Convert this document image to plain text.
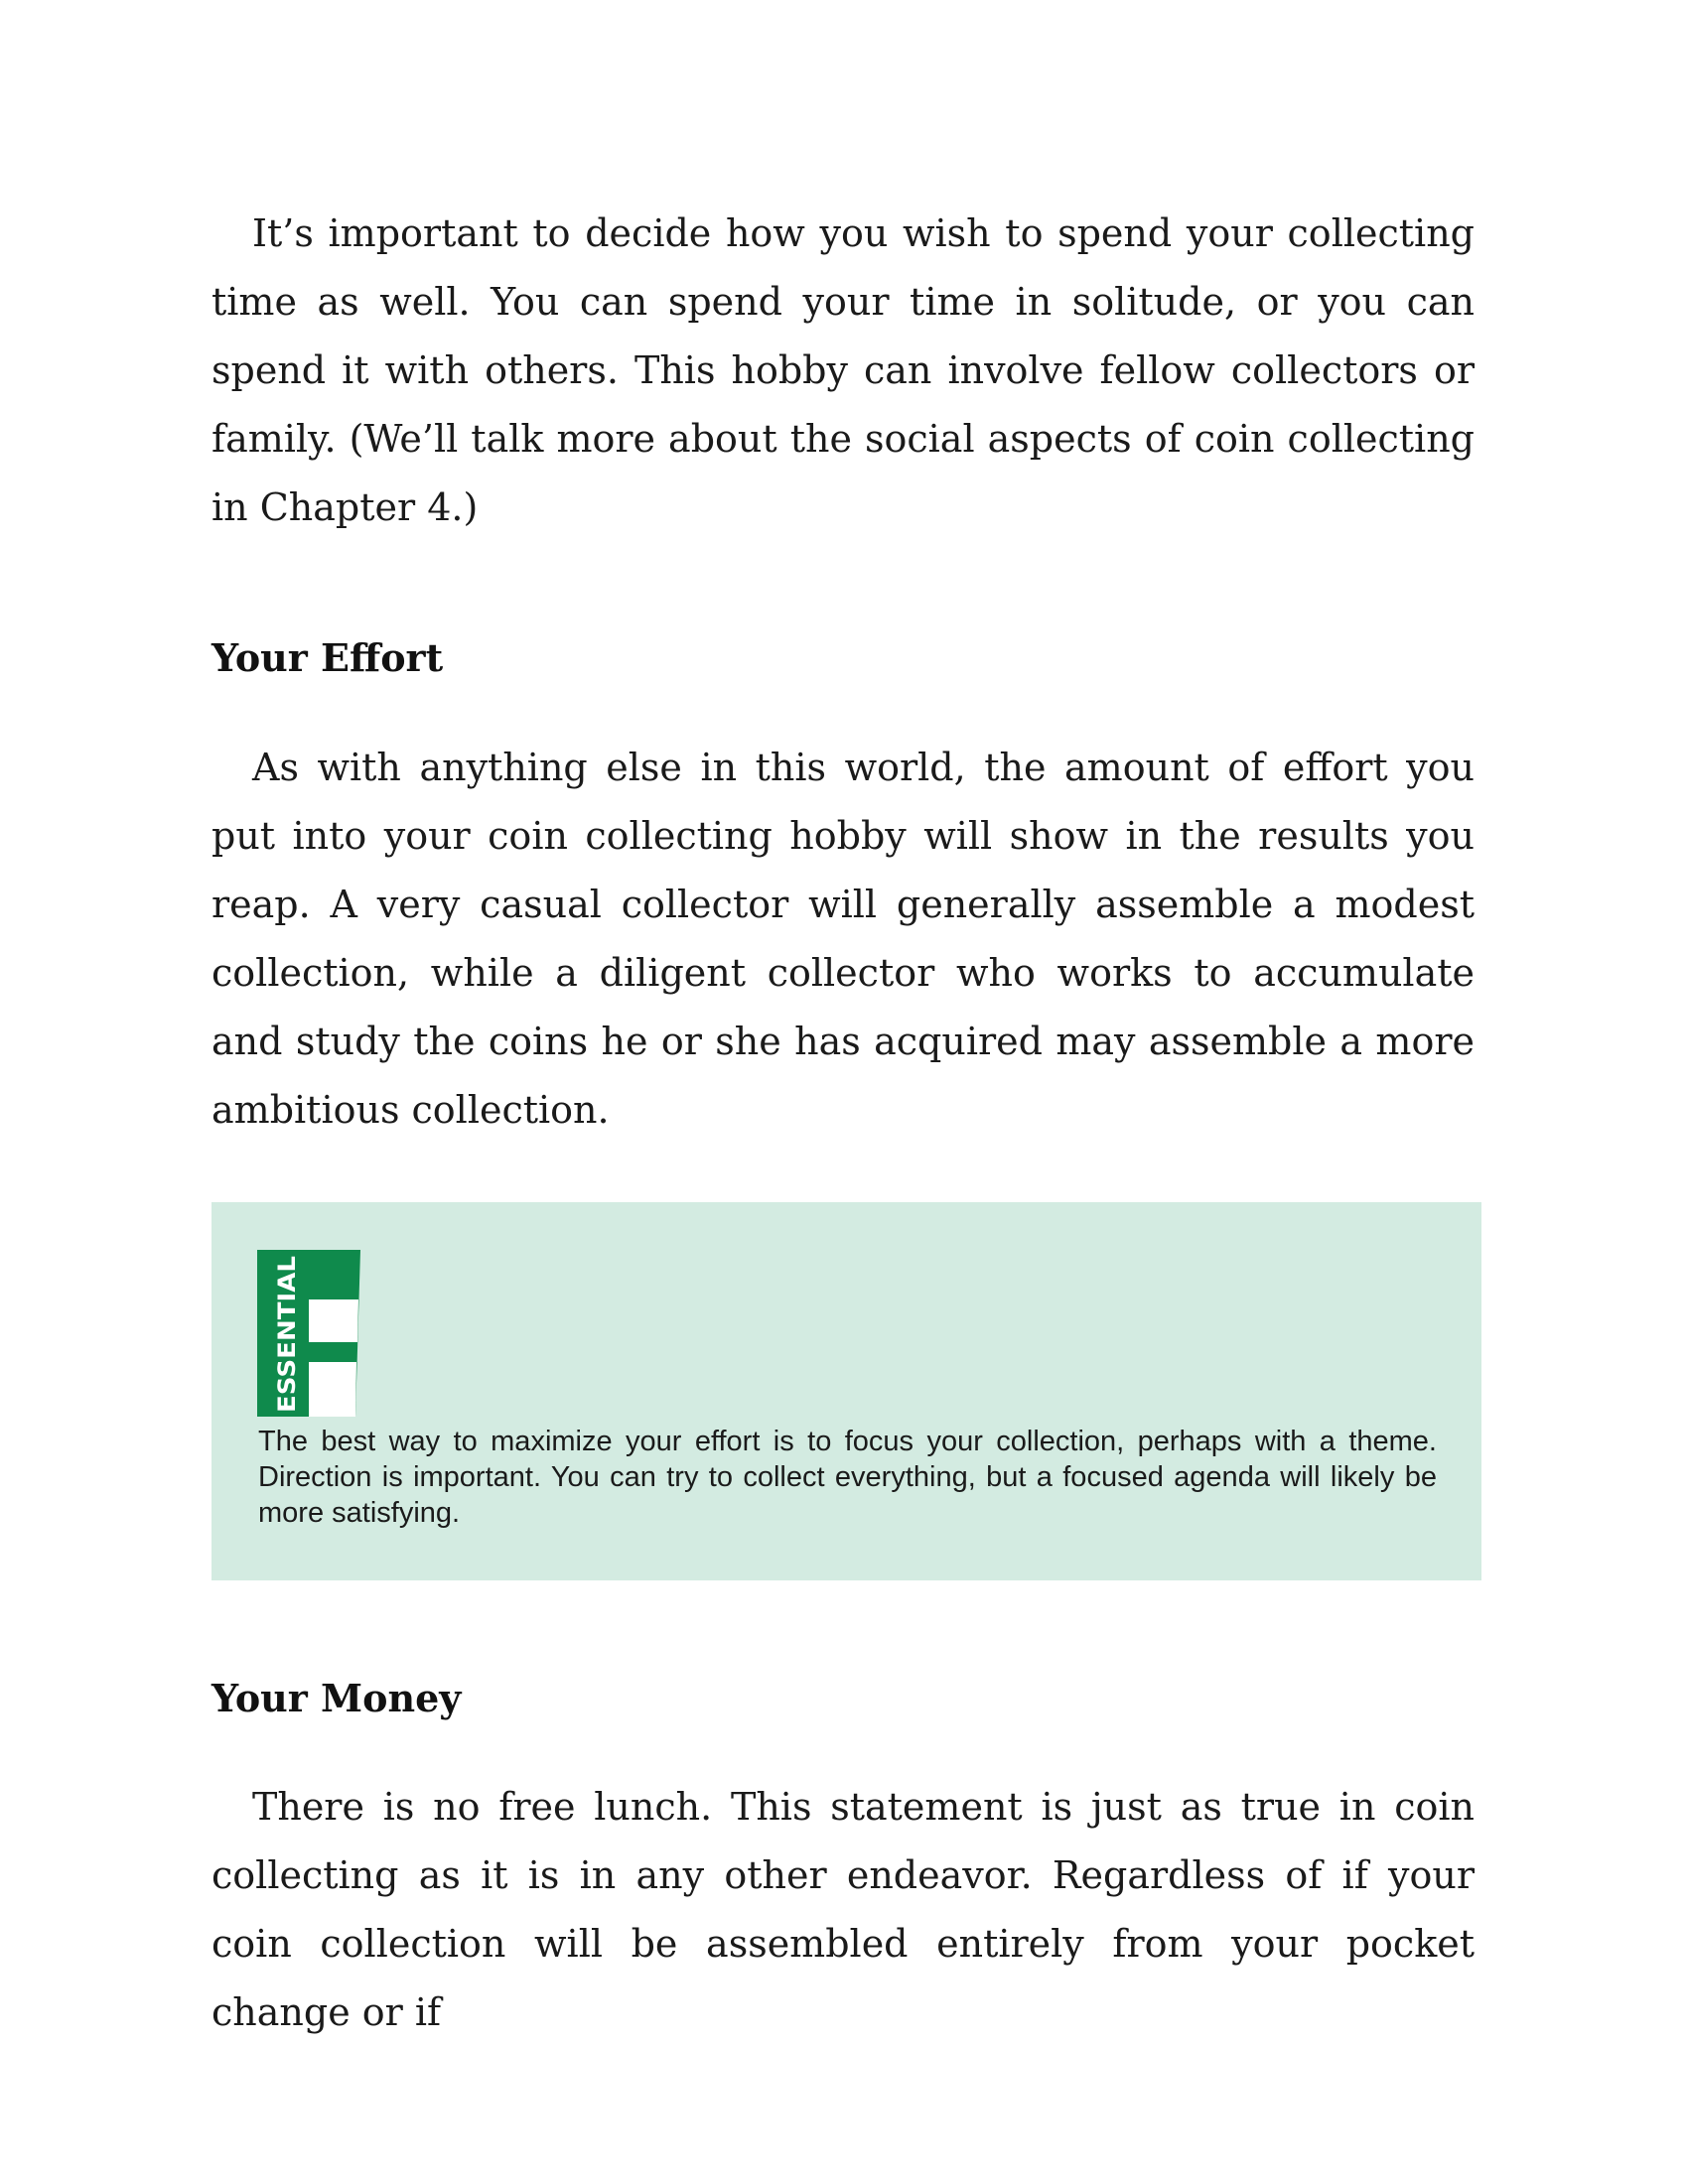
It’s important to decide how you wish to spend your collecting time as well. You can spend your time in solitude, or you can spend it with others. This hobby can involve fellow collectors or family. (We’ll talk more about the social aspects of coin collecting in Chapter 4.)

Your Effort

As with anything else in this world, the amount of effort you put into your coin collecting hobby will show in the results you reap. A very casual collector will generally assemble a modest collection, while a diligent collector who works to accumulate and study the coins he or she has acquired may assemble a more ambitious collection.

ESSENTIAL

The best way to maximize your effort is to focus your collection, perhaps with a theme. Direction is important. You can try to collect everything, but a focused agenda will likely be more satisfying.

Your Money

There is no free lunch. This statement is just as true in coin collecting as it is in any other endeavor. Regardless of if your coin collection will be assembled entirely from your pocket change or if
